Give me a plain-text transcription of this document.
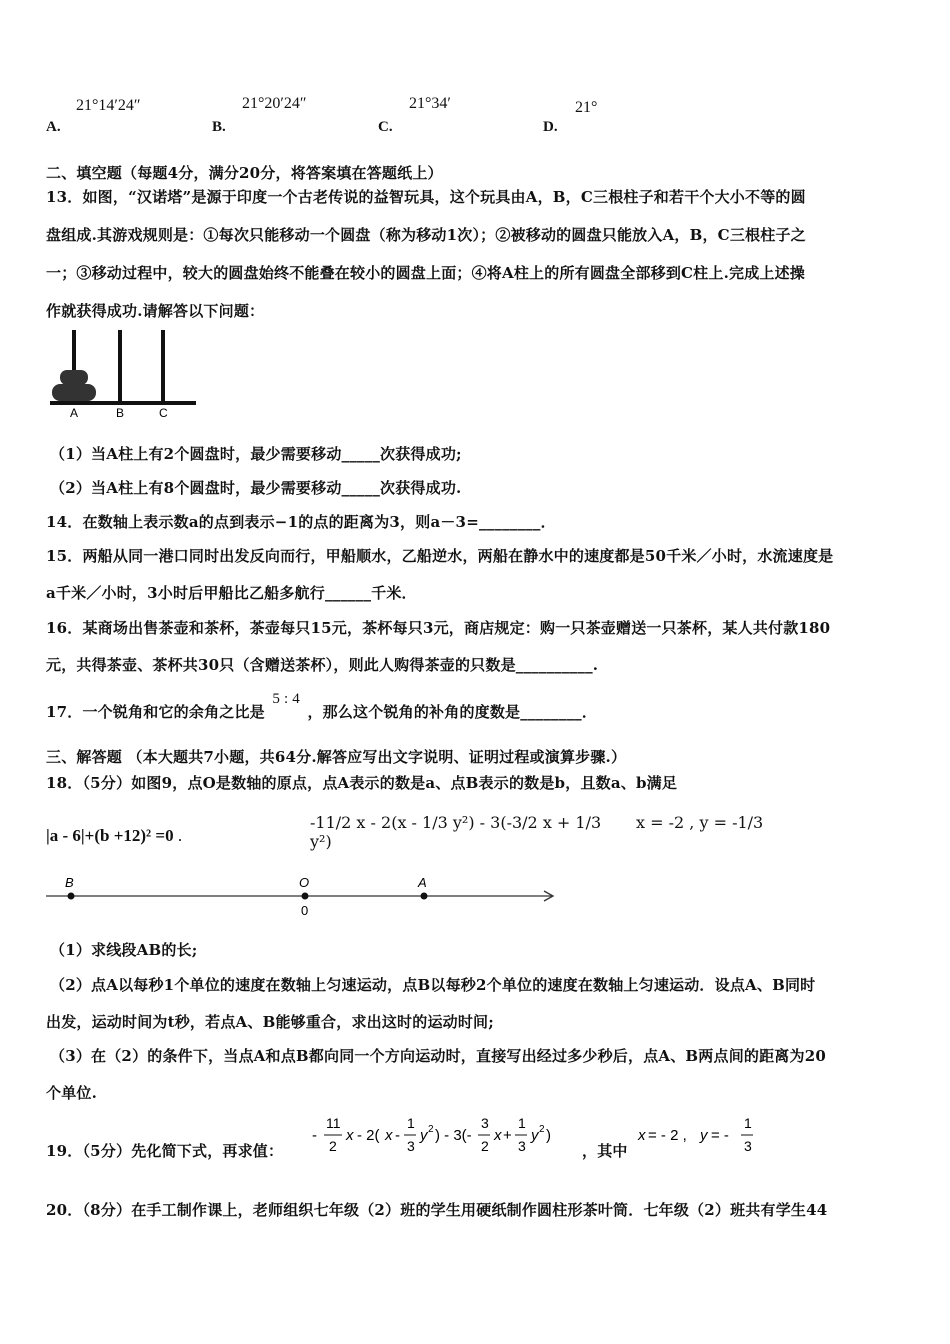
A.
21°14′24″
B.
21°20′24″
C.
21°34′
D.
21°
二、填空题（每题4分，满分20分，将答案填在答题纸上）
13．如图，“汉诺塔”是源于印度一个古老传说的益智玩具，这个玩具由A，B，C三根柱子和若干个大小不等的圆
盘组成.其游戏规则是：①每次只能移动一个圆盘（称为移动1次）；②被移动的圆盘只能放入A，B，C三根柱子之
一；③移动过程中，较大的圆盘始终不能叠在较小的圆盘上面；④将A柱上的所有圆盘全部移到C柱上.完成上述操
作就获得成功.请解答以下问题：
A	B	C
（1）当A柱上有2个圆盘时，最少需要移动_____次获得成功;
（2）当A柱上有8个圆盘时，最少需要移动_____次获得成功.
14．在数轴上表示数a的点到表示−1的点的距离为3，则a－3=________．
15．两船从同一港口同时出发反向而行，甲船顺水，乙船逆水，两船在静水中的速度都是50千米／小时，水流速度是
a千米／小时，3小时后甲船比乙船多航行______千米．
16．某商场出售茶壶和茶杯，茶壶每只15元，茶杯每只3元，商店规定：购一只茶壶赠送一只茶杯，某人共付款180
元，共得茶壶、茶杯共30只（含赠送茶杯），则此人购得茶壶的只数是__________.
17．一个锐角和它的余角之比是 5 : 4 ，那么这个锐角的补角的度数是________．
三、解答题 （本大题共7小题，共64分.解答应写出文字说明、证明过程或演算步骤.）
18．（5分）如图9，点O是数轴的原点，点A表示的数是a、点B表示的数是b，且数a、b满足
|a - 6|+(b +12)² =0 .
B	O	A
0
（1）求线段AB的长;
（2）点A以每秒1个单位的速度在数轴上匀速运动，点B以每秒2个单位的速度在数轴上匀速运动．设点A、B同时
出发，运动时间为t秒，若点A、B能够重合，求出这时的运动时间;
（3）在（2）的条件下，当点A和点B都向同一个方向运动时，直接写出经过多少秒后，点A、B两点间的距离为20
个单位.
19．（5分）先化简下式，再求值：
-11/2 x - 2(x - 1/3 y²) - 3(-3/2 x + 1/3 y²)
-
11
2
x - 2( x -
1
3
y 2 ) - 3(-
3
2
x +
1
3
y 2 )
，其中
x = -2 , y = -1/3
x = - 2 , y = -
1
3
20．（8分）在手工制作课上，老师组织七年级（2）班的学生用硬纸制作圆柱形茶叶筒．七年级（2）班共有学生44
